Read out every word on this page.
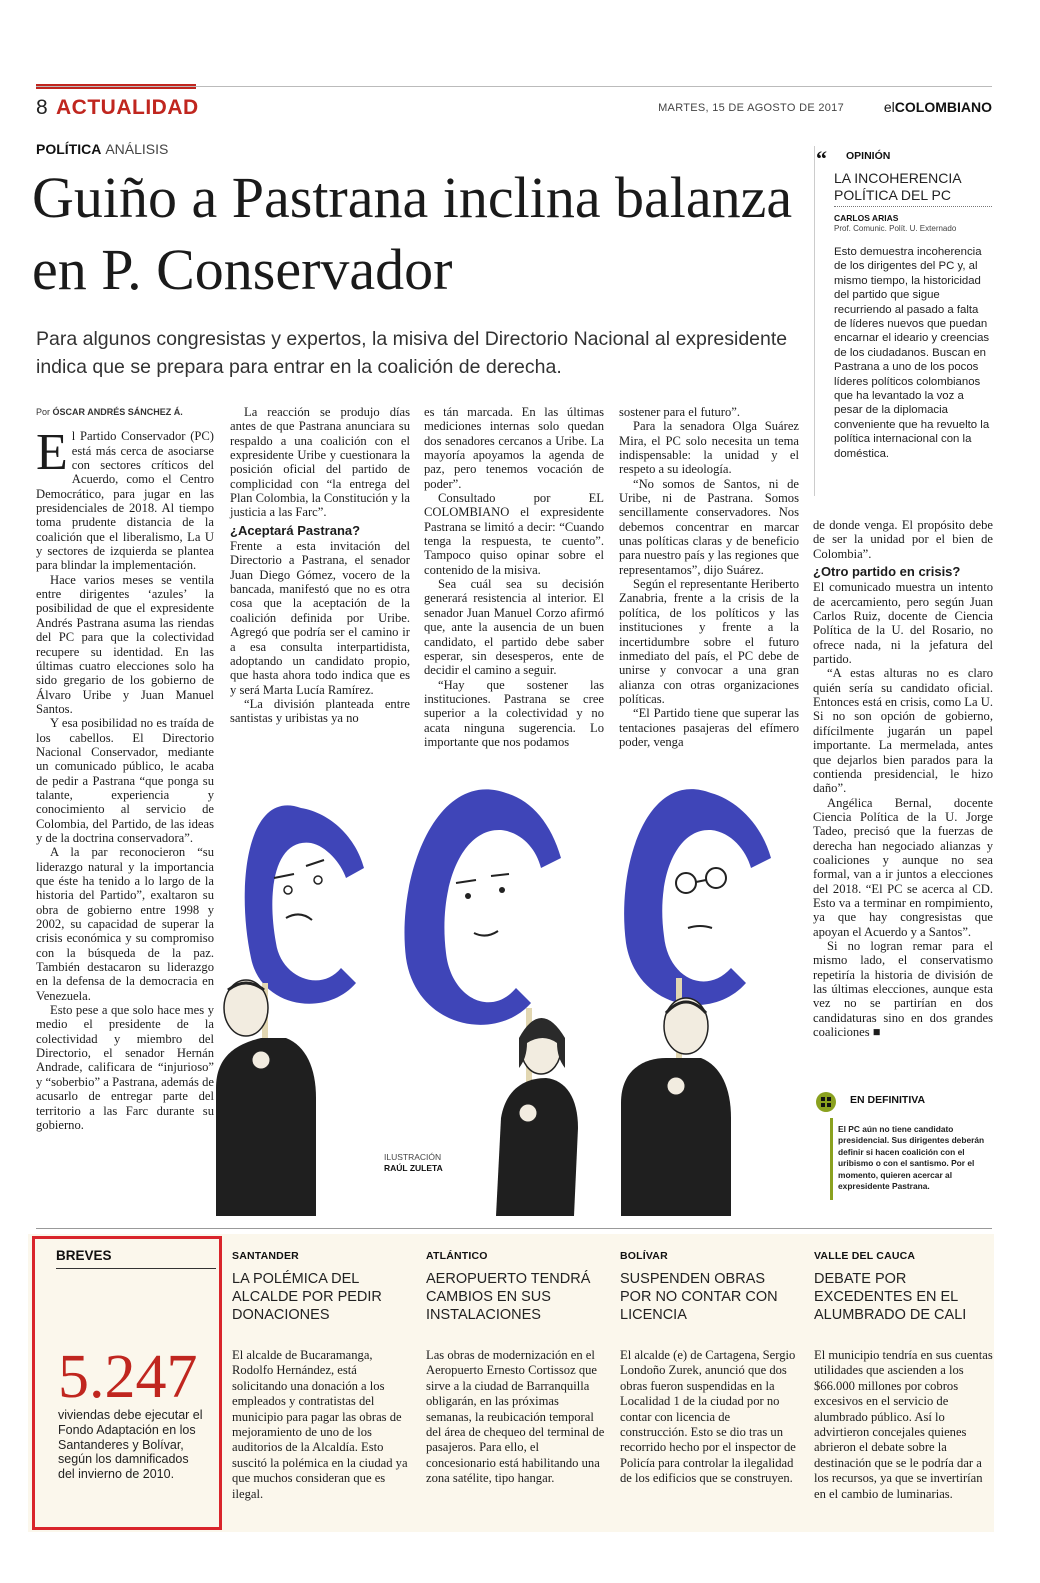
8 ACTUALIDAD	MARTES, 15 DE AGOSTO DE 2017	elCOLOMBIANO
POLÍTICA ANÁLISIS
Guiño a Pastrana inclina balanza en P. Conservador
Para algunos congresistas y expertos, la misiva del Directorio Nacional al expresidente indica que se prepara para entrar en la coalición de derecha.
Por ÓSCAR ANDRÉS SÁNCHEZ Á.

El Partido Conservador (PC) está más cerca de asociarse con sectores críticos del Acuerdo, como el Centro Democrático, para jugar en las presidenciales de 2018. Al tiempo toma prudente distancia de la coalición que el liberalismo, La U y sectores de izquierda se plantea para blindar la implementación.

Hace varios meses se ventila entre dirigentes ‘azules’ la posibilidad de que el expresidente Andrés Pastrana asuma las riendas del PC para que la colectividad recupere su identidad. En las últimas cuatro elecciones solo ha sido gregario de los gobierno de Álvaro Uribe y Juan Manuel Santos.

Y esa posibilidad no es traída de los cabellos. El Directorio Nacional Conservador, mediante un comunicado público, le acaba de pedir a Pastrana “que ponga su talante, experiencia y conocimiento al servicio de Colombia, del Partido, de las ideas y de la doctrina conservadora”.

A la par reconocieron “su liderazgo natural y la importancia que éste ha tenido a lo largo de la historia del Partido”, exaltaron su obra de gobierno entre 1998 y 2002, su capacidad de superar la crisis económica y su compromiso con la búsqueda de la paz. También destacaron su liderazgo en la defensa de la democracia en Venezuela.

Esto pese a que solo hace mes y medio el presidente de la colectividad y miembro del Directorio, el senador Hernán Andrade, calificara de “injurioso” y “soberbio” a Pastrana, además de acusarlo de entregar parte del territorio a las Farc durante su gobierno.

La reacción se produjo días antes de que Pastrana anunciara su respaldo a una coalición con el expresidente Uribe y cuestionara la posición oficial del partido de complicidad con “la entrega del Plan Colombia, la Constitución y la justicia a las Farc”.

¿Aceptará Pastrana?

Frente a esta invitación del Directorio a Pastrana, el senador Juan Diego Gómez, vocero de la bancada, manifestó que no es otra cosa que la aceptación de la coalición definida por Uribe. Agregó que podría ser el camino ir a esa consulta interpartidista, adoptando un candidato propio, que hasta ahora todo indica que es y será Marta Lucía Ramírez.

“La división planteada entre santistas y uribistas ya no

es tán marcada. En las últimas mediciones internas solo quedan dos senadores cercanos a Uribe. La mayoría apoyamos la agenda de paz, pero tenemos vocación de poder”.

Consultado por EL COLOMBIANO el expresidente Pastrana se limitó a decir: “Cuando tenga la respuesta, te cuento”. Tampoco quiso opinar sobre el contenido de la misiva.

Sea cuál sea su decisión generará resistencia al interior. El senador Juan Manuel Corzo afirmó que, ante la ausencia de un buen candidato, el partido debe saber esperar, sin desesperos, ente de decidir el camino a seguir.

“Hay que sostener las instituciones. Pastrana se cree superior a la colectividad y no acata ninguna sugerencia. Lo importante que nos podamos

sostener para el futuro”.

Para la senadora Olga Suárez Mira, el PC solo necesita un tema indispensable: la unidad y el respeto a su ideología.

“No somos de Santos, ni de Uribe, ni de Pastrana. Somos sencillamente conservadores. Nos debemos concentrar en marcar unas políticas claras y de beneficio para nuestro país y las regiones que representamos”, dijo Suárez.

Según el representante Heriberto Zanabria, frente a la crisis de la política, de los políticos y las instituciones y frente a la incertidumbre sobre el futuro inmediato del país, el PC debe de unirse y convocar a una gran alianza con otras organizaciones políticas.

“El Partido tiene que superar las tentaciones pasajeras del efímero poder, venga

“ OPINIÓN
LA INCOHERENCIA POLÍTICA DEL PC
CARLOS ARIAS
Prof. Comunic. Polít. U. Externado
Esto demuestra incoherencia de los dirigentes del PC y, al mismo tiempo, la historicidad del partido que sigue recurriendo al pasado a falta de líderes nuevos que puedan encarnar el ideario y creencias de los ciudadanos. Buscan en Pastrana a uno de los pocos líderes políticos colombianos que ha levantado la voz a pesar de la diplomacia conveniente que ha revuelto la política internacional con la doméstica.

de donde venga. El propósito debe de ser la unidad por el bien de Colombia”.

¿Otro partido en crisis?

El comunicado muestra un intento de acercamiento, pero según Juan Carlos Ruiz, docente de Ciencia Política de la U. del Rosario, no ofrece nada, ni la jefatura del partido.

“A estas alturas no es claro quién sería su candidato oficial. Entonces está en crisis, como La U. Si no son opción de gobierno, difícilmente jugarán un papel importante. La mermelada, antes que dejarlos bien parados para la contienda presidencial, le hizo daño”.

Angélica Bernal, docente Ciencia Política de la U. Jorge Tadeo, precisó que la fuerzas de derecha han negociado alianzas y coaliciones y aunque no sea formal, van a ir juntos a elecciones del 2018. “El PC se acerca al CD. Esto va a terminar en rompimiento, ya que hay congresistas que apoyan el Acuerdo y a Santos”.

Si no logran remar para el mismo lado, el conservatismo repetiría la historia de división de las últimas elecciones, aunque esta vez no se partirían en dos candidaturas sino en dos grandes coaliciones ■

ILUSTRACIÓN
RAÚL ZULETA
EN DEFINITIVA
El PC aún no tiene candidato presidencial. Sus dirigentes deberán definir si hacen coalición con el uribismo o con el santismo. Por el momento, quieren acercar al expresidente Pastrana.
BREVES
5.247
viviendas debe ejecutar el Fondo Adaptación en los Santanderes y Bolívar, según los damnificados del invierno de 2010.
SANTANDER
LA POLÉMICA DEL ALCALDE POR PEDIR DONACIONES
El alcalde de Bucaramanga, Rodolfo Hernández, está solicitando una donación a los empleados y contratistas del municipio para pagar las obras de mejoramiento de uno de los auditorios de la Alcaldía. Esto suscitó la polémica en la ciudad ya que muchos consideran que es ilegal.
ATLÁNTICO
AEROPUERTO TENDRÁ CAMBIOS EN SUS INSTALACIONES
Las obras de modernización en el Aeropuerto Ernesto Cortissoz que sirve a la ciudad de Barranquilla obligarán, en las próximas semanas, la reubicación temporal del área de chequeo del terminal de pasajeros. Para ello, el concesionario está habilitando una zona satélite, tipo hangar.
BOLÍVAR
SUSPENDEN OBRAS POR NO CONTAR CON LICENCIA
El alcalde (e) de Cartagena, Sergio Londoño Zurek, anunció que dos obras fueron suspendidas en la Localidad 1 de la ciudad por no contar con licencia de construcción. Esto se dio tras un recorrido hecho por el inspector de Policía para controlar la ilegalidad de los edificios que se construyen.
VALLE DEL CAUCA
DEBATE POR EXCEDENTES EN EL ALUMBRADO DE CALI
El municipio tendría en sus cuentas utilidades que ascienden a los $66.000 millones por cobros excesivos en el servicio de alumbrado público. Así lo advirtieron concejales quienes abrieron el debate sobre la destinación que se le podría dar a los recursos, ya que se invertirían en el cambio de luminarias.
